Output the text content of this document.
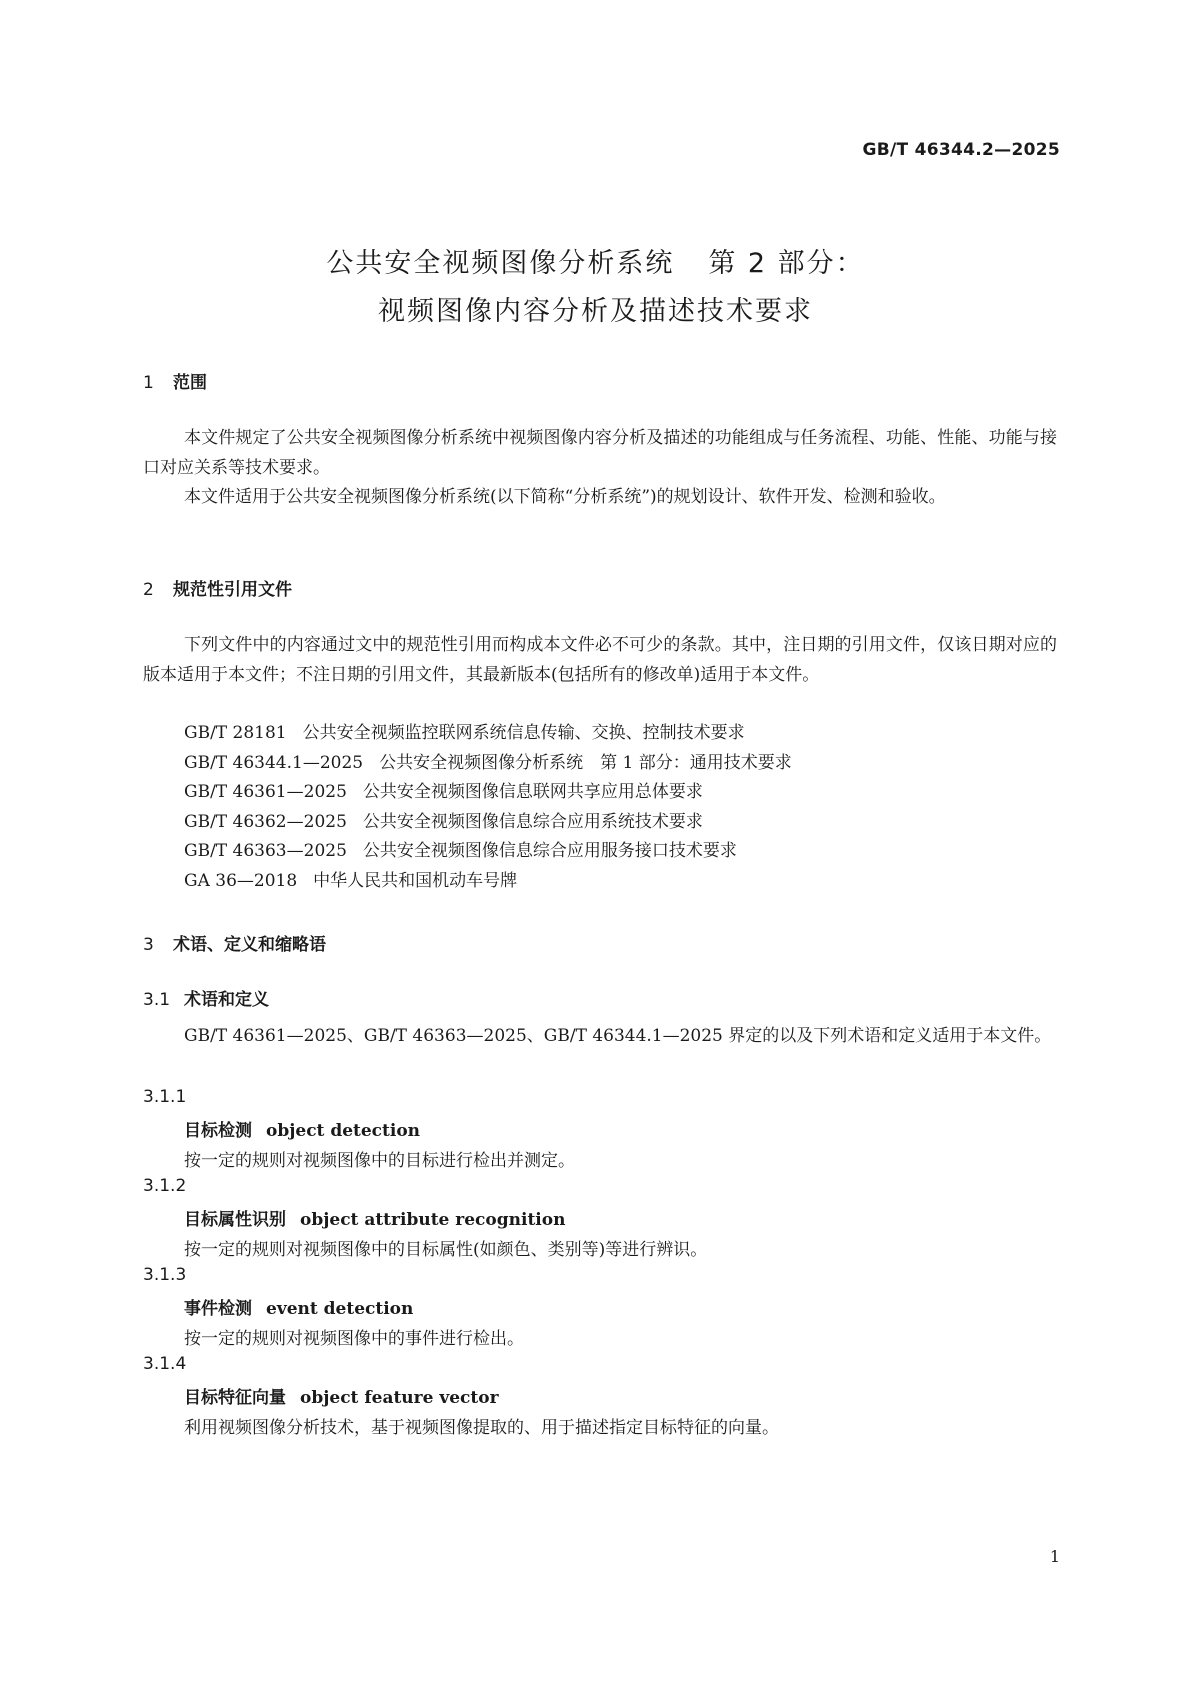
GB/T 46344.2—2025
公共安全视频图像分析系统 第 2 部分：
视频图像内容分析及描述技术要求
1 范围
本文件规定了公共安全视频图像分析系统中视频图像内容分析及描述的功能组成与任务流程、功能、性能、功能与接口对应关系等技术要求。
本文件适用于公共安全视频图像分析系统(以下简称“分析系统”)的规划设计、软件开发、检测和验收。
2 规范性引用文件
下列文件中的内容通过文中的规范性引用而构成本文件必不可少的条款。其中，注日期的引用文件，仅该日期对应的版本适用于本文件；不注日期的引用文件，其最新版本(包括所有的修改单)适用于本文件。
GB/T 28181 公共安全视频监控联网系统信息传输、交换、控制技术要求
GB/T 46344.1—2025 公共安全视频图像分析系统　第 1 部分：通用技术要求
GB/T 46361—2025 公共安全视频图像信息联网共享应用总体要求
GB/T 46362—2025 公共安全视频图像信息综合应用系统技术要求
GB/T 46363—2025 公共安全视频图像信息综合应用服务接口技术要求
GA 36—2018 中华人民共和国机动车号牌
3 术语、定义和缩略语
3.1 术语和定义
GB/T 46361—2025、GB/T 46363—2025、GB/T 46344.1—2025 界定的以及下列术语和定义适用于本文件。
3.1.1
目标检测 object detection
按一定的规则对视频图像中的目标进行检出并测定。
3.1.2
目标属性识别 object attribute recognition
按一定的规则对视频图像中的目标属性(如颜色、类别等)等进行辨识。
3.1.3
事件检测 event detection
按一定的规则对视频图像中的事件进行检出。
3.1.4
目标特征向量 object feature vector
利用视频图像分析技术，基于视频图像提取的、用于描述指定目标特征的向量。
1
